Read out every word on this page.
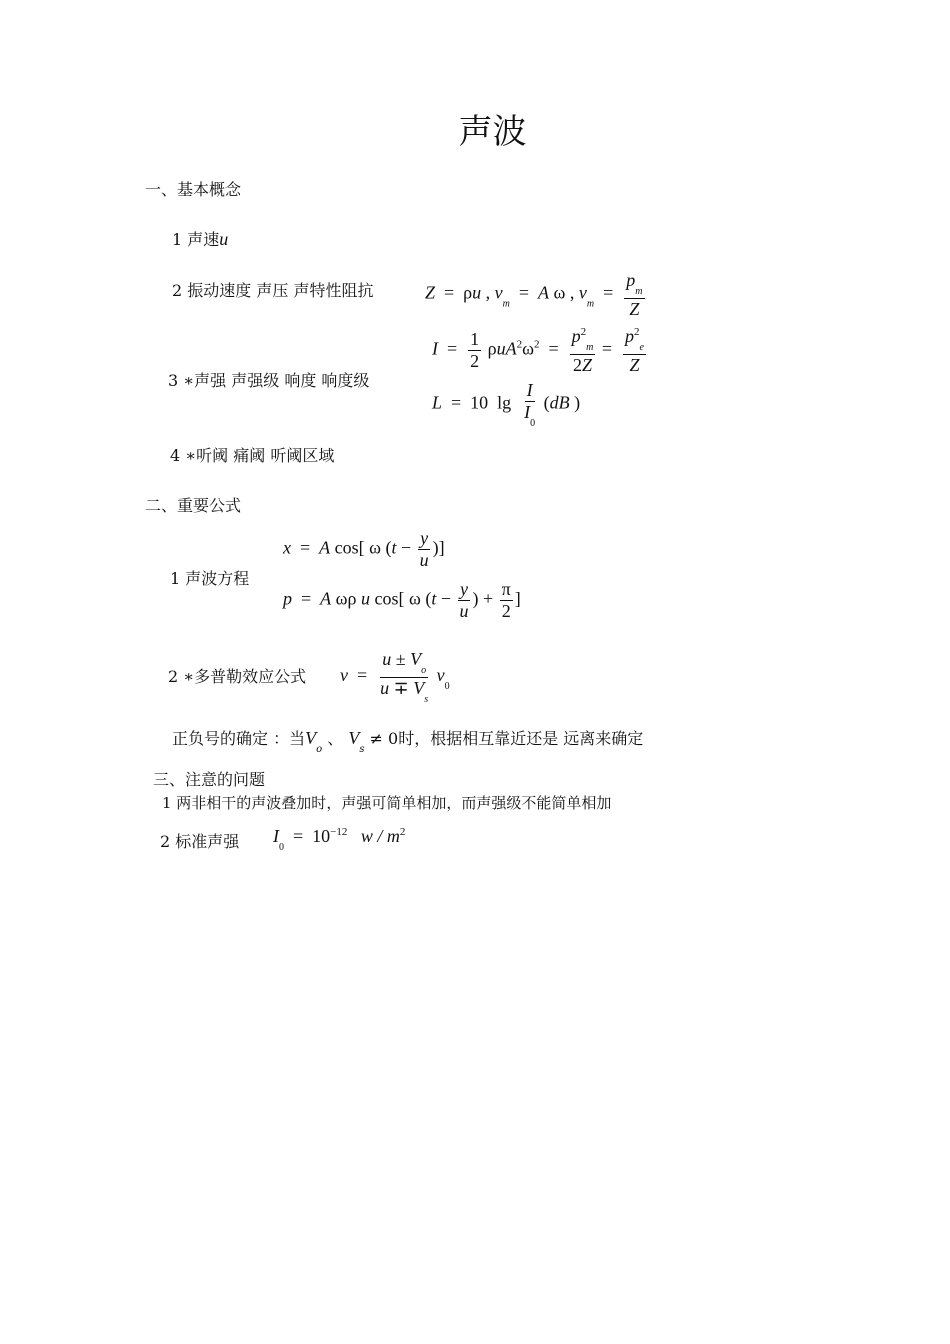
声波
一、基本概念
1 声速u
2 振动速度 声压 声特性阻抗	Z  =  ρu , $v_m = A$ ω , $v_m = \frac{p_m}{Z}$
3 ∗声强 声强级 响度 响度级
$I = \frac{1}{2} \rho uA^2\omega^2 = \frac{p^2_m}{2Z} = \frac{p^2_e}{Z}$
L  =  10  $\lg \frac{I}{I_0} (dB$ )
4 ∗听阈 痛阈 听阈区域
二、重要公式
1 声波方程
x  =  A cos[ ω ($t - \frac{y}{u}$ )]
p  =  A ωρ u cos[ ω ($t - \frac{y}{u}$ ) + $\frac{\pi}{2}$ ]
2 ∗多普勒效应公式 $v = \frac{u \pm V_o}{u \mp V_s} v_0$
正负号的确定 ：当$V_o$ 、 $V_s \ne 0$时，根据相互靠近还是 远离来确定
三、注意的问题
1 两非相干的声波叠加时，声强可简单相加，而声强级不能简单相加
2 标准声强 $I_0 = 10^{-12}$ w / $m^2$
